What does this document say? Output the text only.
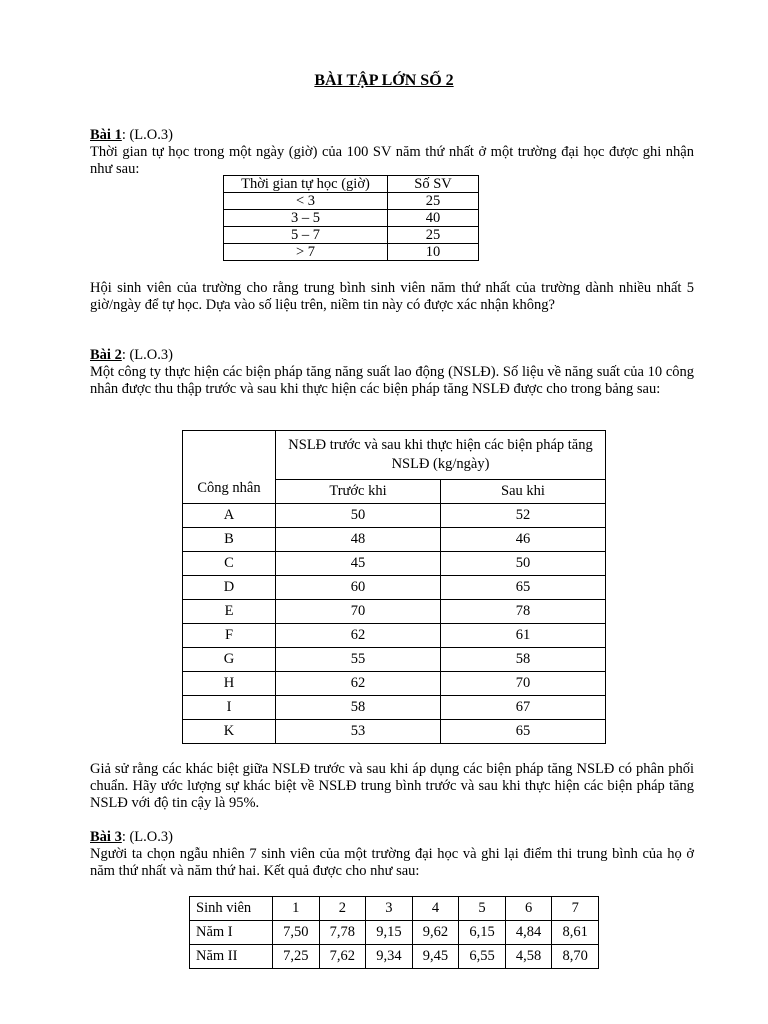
BÀI TẬP LỚN SỐ 2
Bài 1: (L.O.3)
Thời gian tự học trong một ngày (giờ) của 100 SV năm thứ nhất ở một trường đại học được ghi nhận như sau:
Thời gian tự học (giờ)	Số SV
< 3	25
3 – 5	40
5 – 7	25
> 7	10
Hội sinh viên của trường cho rằng trung bình sinh viên năm thứ nhất của trường dành nhiều nhất 5 giờ/ngày để tự học. Dựa vào số liệu trên, niềm tin này có được xác nhận không?
Bài 2: (L.O.3)
Một công ty thực hiện các biện pháp tăng năng suất lao động (NSLĐ). Số liệu về năng suất của 10 công nhân được thu thập trước và sau khi thực hiện các biện pháp tăng NSLĐ được cho trong bảng sau:
Công nhân	NSLĐ trước và sau khi thực hiện các biện pháp tăng NSLĐ (kg/ngày)	
	Trước khi	Sau khi
A	50	52
B	48	46
C	45	50
D	60	65
E	70	78
F	62	61
G	55	58
H	62	70
I	58	67
K	53	65
Giả sử rằng các khác biệt giữa NSLĐ trước và sau khi áp dụng các biện pháp tăng NSLĐ có phân phối chuẩn. Hãy ước lượng sự khác biệt về NSLĐ trung bình trước và sau khi thực hiện các biện pháp tăng NSLĐ với độ tin cậy là 95%.
Bài 3: (L.O.3)
Người ta chọn ngẫu nhiên 7 sinh viên của một trường đại học và ghi lại điểm thi trung bình của họ ở năm thứ nhất và năm thứ hai. Kết quả được cho như sau:
Sinh viên	1	2	3	4	5	6	7
Năm I	7,50	7,78	9,15	9,62	6,15	4,84	8,61
Năm II	7,25	7,62	9,34	9,45	6,55	4,58	8,70
